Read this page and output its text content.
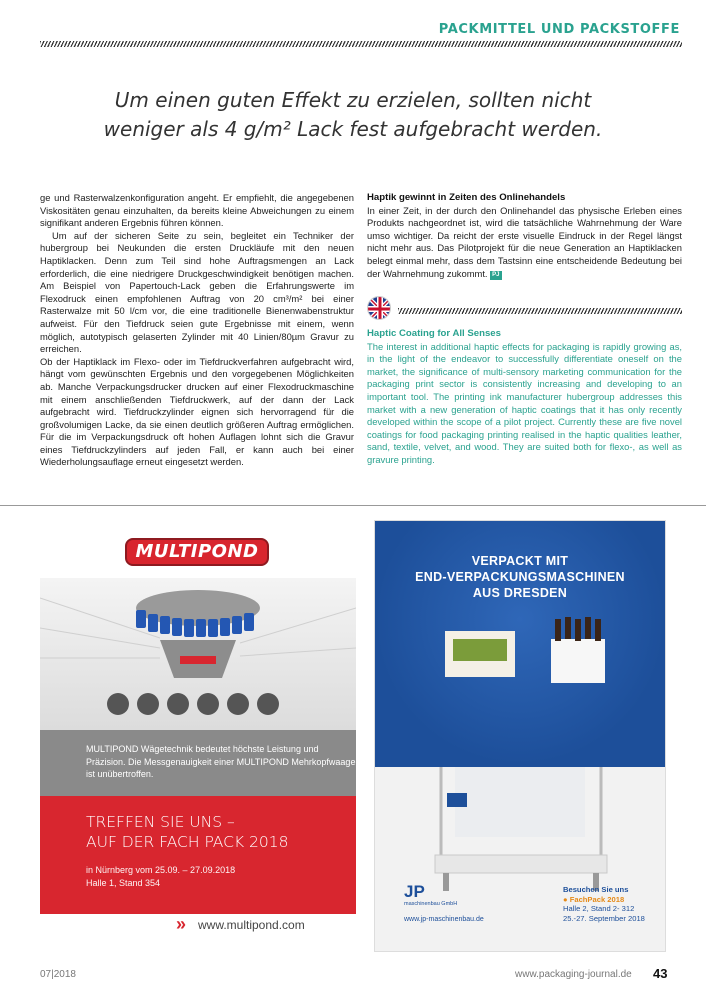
PACKMITTEL UND PACKSTOFFE
Um einen guten Effekt zu erzielen, sollten nicht weniger als 4 g/m² Lack fest aufgebracht werden.

ge und Rasterwalzenkonfiguration angeht. Er empfiehlt, die angegebenen Viskositäten genau einzuhalten, da bereits kleine Abweichungen zu einem signifikant anderen Ergebnis führen können.

Um auf der sicheren Seite zu sein, begleitet ein Techniker der hubergroup bei Neukunden die ersten Druckläufe mit den neuen Haptiklacken. Denn zum Teil sind hohe Auftragsmengen an Lack erforderlich, die eine niedrigere Druckgeschwindigkeit benötigen machen. Am Beispiel von Papertouch-Lack geben die Erfahrungswerte im Flexodruck einen empfohlenen Auftrag von 20 cm³/m² bei einer Rasterwalze mit 50 l/cm vor, die eine traditionelle Bienenwabenstruktur aufweist. Für den Tiefdruck seien gute Ergebnisse mit einem, wenn möglich, autotypisch gelaserten Zylinder mit 40 Linien/80µm Gravur zu erreichen.

Ob der Haptiklack im Flexo- oder im Tiefdruckverfahren aufgebracht wird, hängt vom gewünschten Ergebnis und den vorgegebenen Möglichkeiten ab. Manche Verpackungsdrucker drucken auf einer Flexodruckmaschine mit einem anschließenden Tiefdruckwerk, auf der dann der Lack aufgebracht wird. Tiefdruckzylinder eignen sich hervorragend für die großvolumigen Lacke, da sie einen deutlich größeren Auftrag ermöglichen. Für die im Verpackungsdruck oft hohen Auflagen lohnt sich die Gravur eines Tiefdruckzylinders auf jeden Fall, er kann auch bei einer Wiederholungsauflage erneut eingesetzt werden.

Haptik gewinnt in Zeiten des Onlinehandels

In einer Zeit, in der durch den Onlinehandel das physische Erleben eines Produkts nachgeordnet ist, wird die tatsächliche Wahrnehmung der Ware umso wichtiger. Da reicht der erste visuelle Eindruck in der Regel längst nicht mehr aus. Das Pilotprojekt für die neue Generation an Haptiklacken belegt einmal mehr, dass dem Tastsinn eine entscheidende Bedeutung bei der Wahrnehmung zukommt. PJ

Haptic Coating for All Senses

The interest in additional haptic effects for packaging is rapidly growing as, in the light of the endeavor to successfully differentiate oneself on the market, the significance of multi-sensory marketing communication for the packaging print sector is consistently increasing and developing to an important tool. The printing ink manufacturer hubergroup addresses this market with a new generation of haptic coatings that it has only recently developed within the scope of a pilot project. Currently these are five novel coatings for food packaging printing realised in the haptic qualities leather, sand, textile, velvet, and wood. They are suited both for flexo-, as well as gravure printing.

MULTIPOND
MULTIPOND Wägetechnik bedeutet höchste Leistung und Präzision. Die Messgenauigkeit einer MULTIPOND Mehrkopfwaage ist unübertroffen.
TREFFEN SIE UNS –
AUF DER FACH PACK 2018
in Nürnberg vom 25.09. – 27.09.2018
Halle 1, Stand 354
» www.multipond.com
VERPACKT MIT
END-VERPACKUNGSMASCHINEN
AUS DRESDEN
JP
maschinenbau GmbH
www.jp-maschinenbau.de
Besuchen Sie uns
● FachPack 2018
Halle 2, Stand 2- 312
25.-27. September 2018
07|2018	www.packaging-journal.de 43
